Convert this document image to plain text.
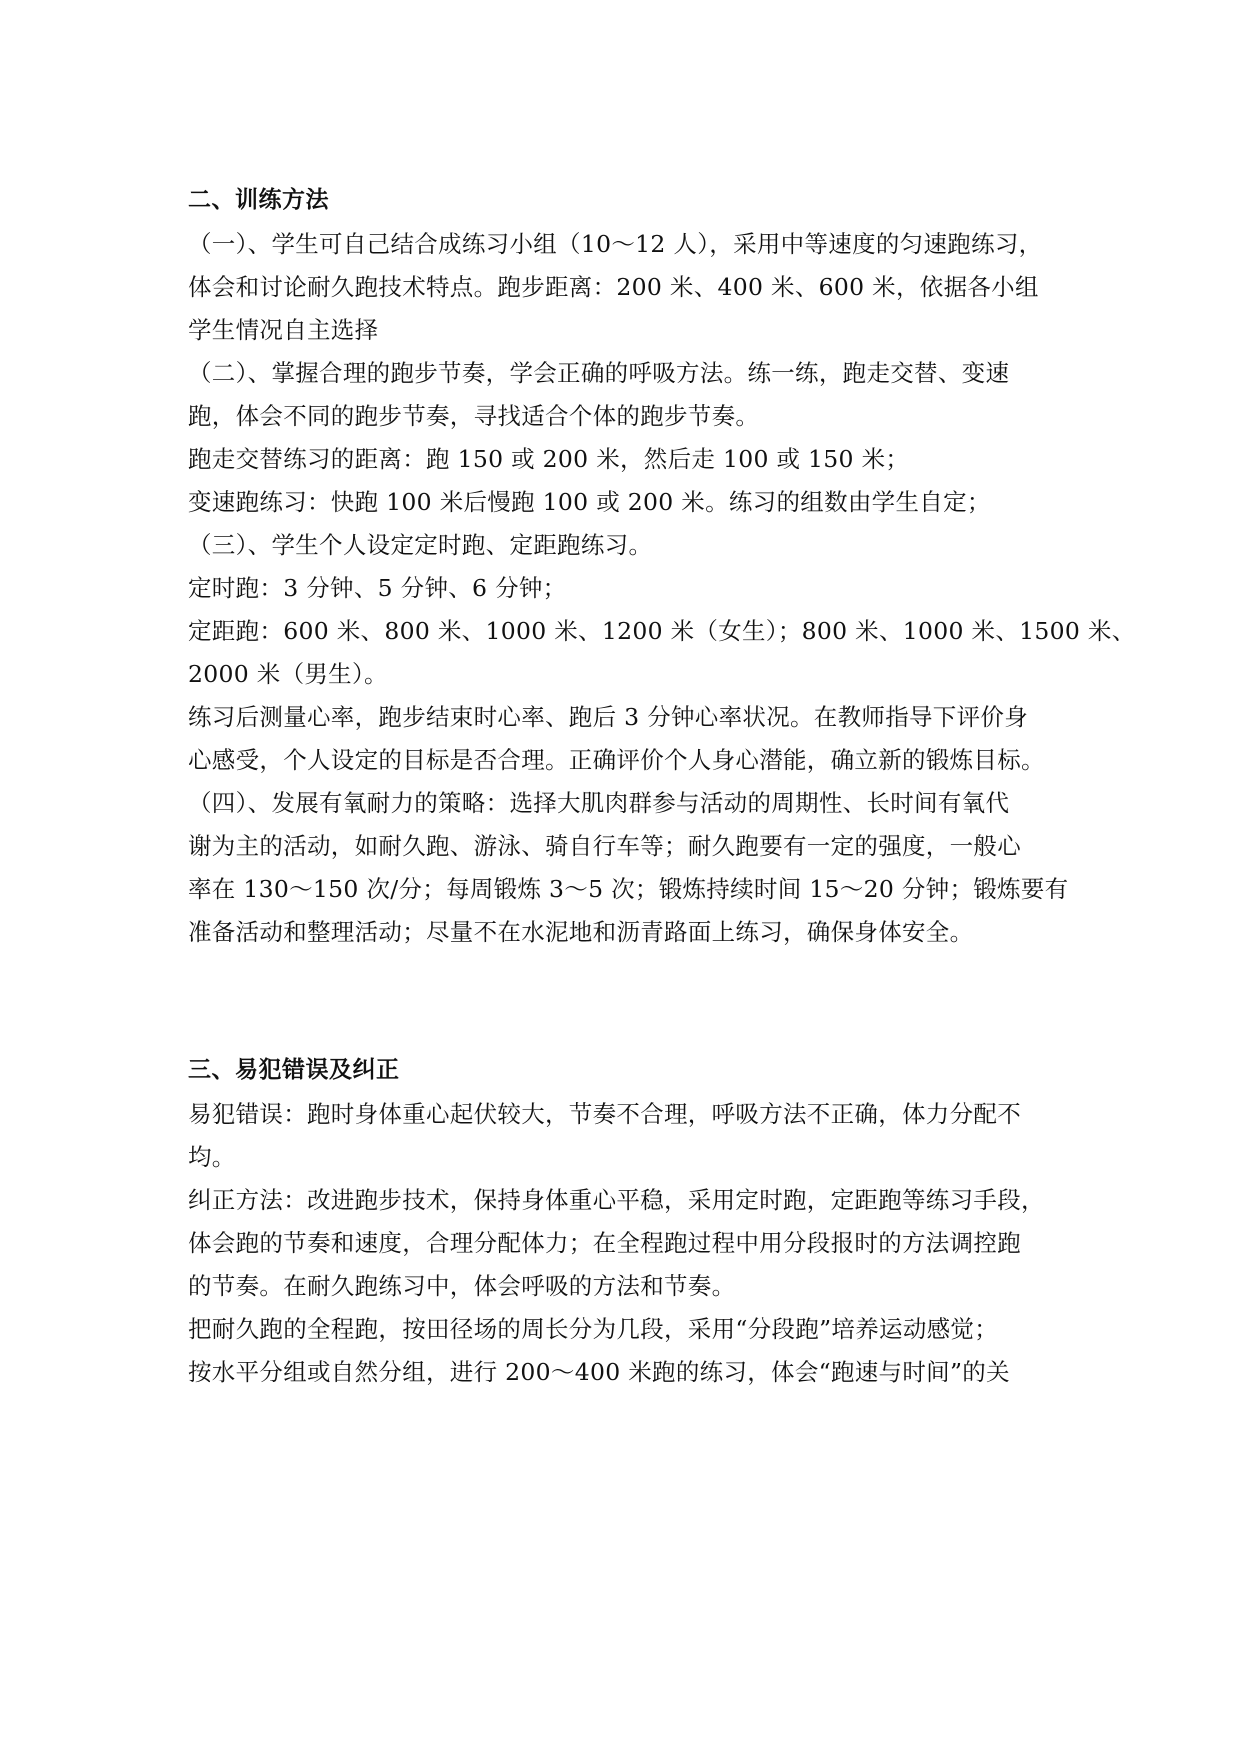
二、训练方法
（一）、学生可自己结合成练习小组（10～12 人），采用中等速度的匀速跑练习，
体会和讨论耐久跑技术特点。跑步距离：200 米、400 米、600 米，依据各小组
学生情况自主选择
（二）、掌握合理的跑步节奏，学会正确的呼吸方法。练一练，跑走交替、变速
跑，体会不同的跑步节奏，寻找适合个体的跑步节奏。
跑走交替练习的距离：跑 150 或 200 米，然后走 100 或 150 米；
变速跑练习：快跑 100 米后慢跑 100 或 200 米。练习的组数由学生自定；
（三）、学生个人设定定时跑、定距跑练习。
定时跑：3 分钟、5 分钟、6 分钟；
定距跑：600 米、800 米、1000 米、1200 米（女生）；800 米、1000 米、1500 米、
2000 米（男生）。
练习后测量心率，跑步结束时心率、跑后 3 分钟心率状况。在教师指导下评价身
心感受，个人设定的目标是否合理。正确评价个人身心潜能，确立新的锻炼目标。
（四）、发展有氧耐力的策略：选择大肌肉群参与活动的周期性、长时间有氧代
谢为主的活动，如耐久跑、游泳、骑自行车等；耐久跑要有一定的强度，一般心
率在 130～150 次/分；每周锻炼 3～5 次；锻炼持续时间 15～20 分钟；锻炼要有
准备活动和整理活动；尽量不在水泥地和沥青路面上练习，确保身体安全。
三、易犯错误及纠正
易犯错误：跑时身体重心起伏较大，节奏不合理，呼吸方法不正确，体力分配不
均。
纠正方法：改进跑步技术，保持身体重心平稳，采用定时跑，定距跑等练习手段，
体会跑的节奏和速度，合理分配体力；在全程跑过程中用分段报时的方法调控跑
的节奏。在耐久跑练习中，体会呼吸的方法和节奏。
把耐久跑的全程跑，按田径场的周长分为几段，采用“分段跑”培养运动感觉；
按水平分组或自然分组，进行 200～400 米跑的练习，体会“跑速与时间”的关
